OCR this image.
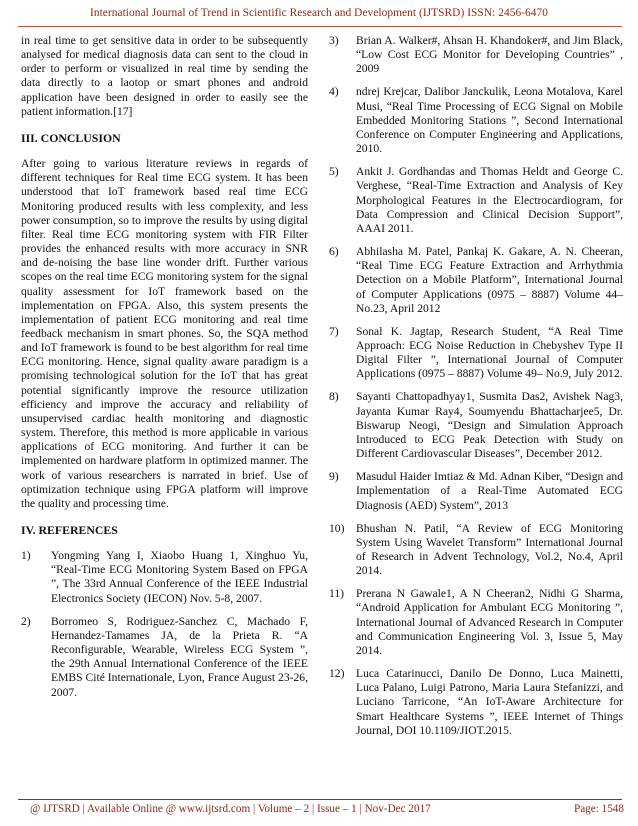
International Journal of Trend in Scientific Research and Development (IJTSRD) ISSN: 2456-6470

in real time to get sensitive data in order to be subsequently analysed for medical diagnosis data can sent to the cloud in order to perform or visualized in real time by sending the data directly to a laotop or smart phones and android application have been designed in order to easily see the patient information.[17]

III. CONCLUSION

After going to various literature reviews in regards of different techniques for Real time ECG system. It has been understood that IoT framework based real time ECG Monitoring produced results with less complexity, and less power consumption, so to improve the results by using digital filter. Real time ECG monitoring system with FIR Filter provides the enhanced results with more accuracy in SNR and de-noising the base line wonder drift. Further various scopes on the real time ECG monitoring system for the signal quality assessment for IoT framework based on the implementation on FPGA. Also, this system presents the implementation of patient ECG monitoring and real time feedback mechanism in smart phones. So, the SQA method and IoT framework is found to be best algorithm for real time ECG monitoring. Hence, signal quality aware paradigm is a promising technological solution for the IoT that has great potential significantly improve the resource utilization efficiency and improve the accuracy and reliability of unsupervised cardiac health monitoring and diagnostic system. Therefore, this method is more applicable in various applications of ECG monitoring. And further it can be implemented on hardware platform in optimized manner. The work of various researchers is narrated in brief. Use of optimization technique using FPGA platform will improve the quality and processing time.

IV. REFERENCES
1) Yongming Yang I, Xiaobo Huang 1, Xinghuo Yu, “Real-Time ECG Monitoring System Based on FPGA ”, The 33rd Annual Conference of the IEEE Industrial Electronics Society (IECON) Nov. 5-8, 2007.
2) Borromeo S, Rodriguez-Sanchez C, Machado F, Hernandez-Tamames JA, de la Prieta R. “A Reconfigurable, Wearable, Wireless ECG System ”, the 29th Annual International Conference of the IEEE EMBS Cité Internationale, Lyon, France August 23-26, 2007.
3) Brian A. Walker#, Ahsan H. Khandoker#, and Jim Black, “Low Cost ECG Monitor for Developing Countries” , 2009
4) ndrej Krejcar, Dalibor Janckulik, Leona Motalova, Karel Musi, “Real Time Processing of ECG Signal on Mobile Embedded Monitoring Stations ”, Second International Conference on Computer Engineering and Applications, 2010.
5) Ankit J. Gordhandas and Thomas Heldt and George C. Verghese, “Real-Time Extraction and Analysis of Key Morphological Features in the Electrocardiogram, for Data Compression and Clinical Decision Support”, AAAI 2011.
6) Abhilasha M. Patel, Pankaj K. Gakare, A. N. Cheeran, “Real Time ECG Feature Extraction and Arrhythmia Detection on a Mobile Platform”, International Journal of Computer Applications (0975 – 8887) Volume 44– No.23, April 2012
7) Sonal K. Jagtap, Research Student, “A Real Time Approach: ECG Noise Reduction in Chebyshev Type II Digital Filter ”, International Journal of Computer Applications (0975 – 8887) Volume 49– No.9, July 2012.
8) Sayanti Chattopadhyay1, Susmita Das2, Avishek Nag3, Jayanta Kumar Ray4, Soumyendu Bhattacharjee5, Dr. Biswarup Neogi, “Design and Simulation Approach Introduced to ECG Peak Detection with Study on Different Cardiovascular Diseases”, December 2012.
9) Masudul Haider Imtiaz & Md. Adnan Kiber, “Design and Implementation of a Real-Time Automated ECG Diagnosis (AED) System”, 2013
10) Bhushan N. Patil, “A Review of ECG Monitoring System Using Wavelet Transform” International Journal of Research in Advent Technology, Vol.2, No.4, April 2014.
11) Prerana N Gawale1, A N Cheeran2, Nidhi G Sharma, “Android Application for Ambulant ECG Monitoring ”, International Journal of Advanced Research in Computer and Communication Engineering Vol. 3, Issue 5, May 2014.
12) Luca Catarinucci, Danilo De Donno, Luca Mainetti, Luca Palano, Luigi Patrono, Maria Laura Stefanizzi, and Luciano Tarricone, “An IoT-Aware Architecture for Smart Healthcare Systems ”, IEEE Internet of Things Journal, DOI 10.1109/JIOT.2015.
@ IJTSRD | Available Online @ www.ijtsrd.com | Volume – 2 | Issue – 1 | Nov-Dec 2017	Page: 1548
